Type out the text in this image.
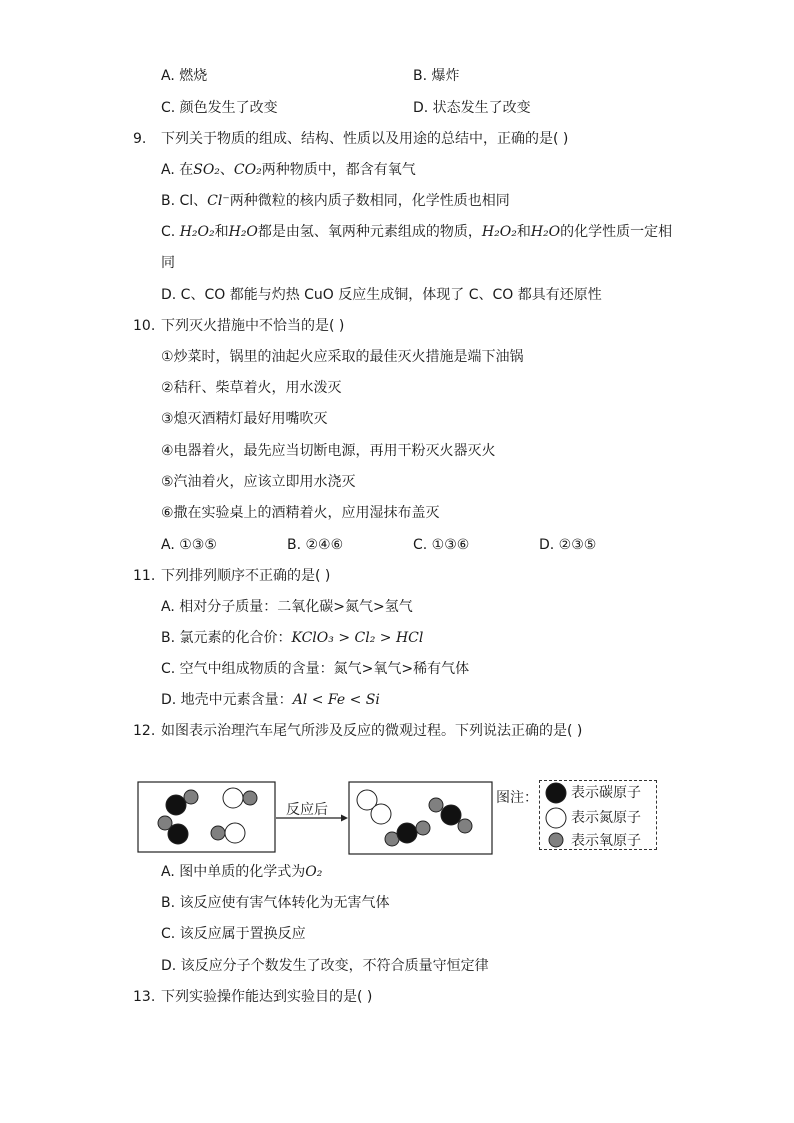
A. 燃烧	B. 爆炸
C. 颜色发生了改变	D. 状态发生了改变
9. 下列关于物质的组成、结构、性质以及用途的总结中，正确的是( )
A. 在SO₂、CO₂两种物质中，都含有氧气
B. Cl、Cl⁻两种微粒的核内质子数相同，化学性质也相同
C. H₂O₂和H₂O都是由氢、氧两种元素组成的物质，H₂O₂和H₂O的化学性质一定相
同
D. C、CO 都能与灼热 CuO 反应生成铜，体现了 C、CO 都具有还原性
10. 下列灭火措施中不恰当的是( )
①炒菜时，锅里的油起火应采取的最佳灭火措施是端下油锅
②秸秆、柴草着火，用水泼灭
③熄灭酒精灯最好用嘴吹灭
④电器着火，最先应当切断电源，再用干粉灭火器灭火
⑤汽油着火，应该立即用水浇灭
⑥撒在实验桌上的酒精着火，应用湿抹布盖灭
A. ①③⑤	B. ②④⑥	C. ①③⑥	D. ②③⑤
11. 下列排列顺序不正确的是( )
A. 相对分子质量：二氧化碳>氮气>氢气
B. 氯元素的化合价：KClO₃ > Cl₂ > HCl
C. 空气中组成物质的含量：氮气>氧气>稀有气体
D. 地壳中元素含量：Al < Fe < Si
12. 如图表示治理汽车尾气所涉及反应的微观过程。下列说法正确的是( )
反应后
图注： 表示碳原子
表示氮原子
表示氧原子
A. 图中单质的化学式为O₂
B. 该反应使有害气体转化为无害气体
C. 该反应属于置换反应
D. 该反应分子个数发生了改变，不符合质量守恒定律
13. 下列实验操作能达到实验目的是( )
